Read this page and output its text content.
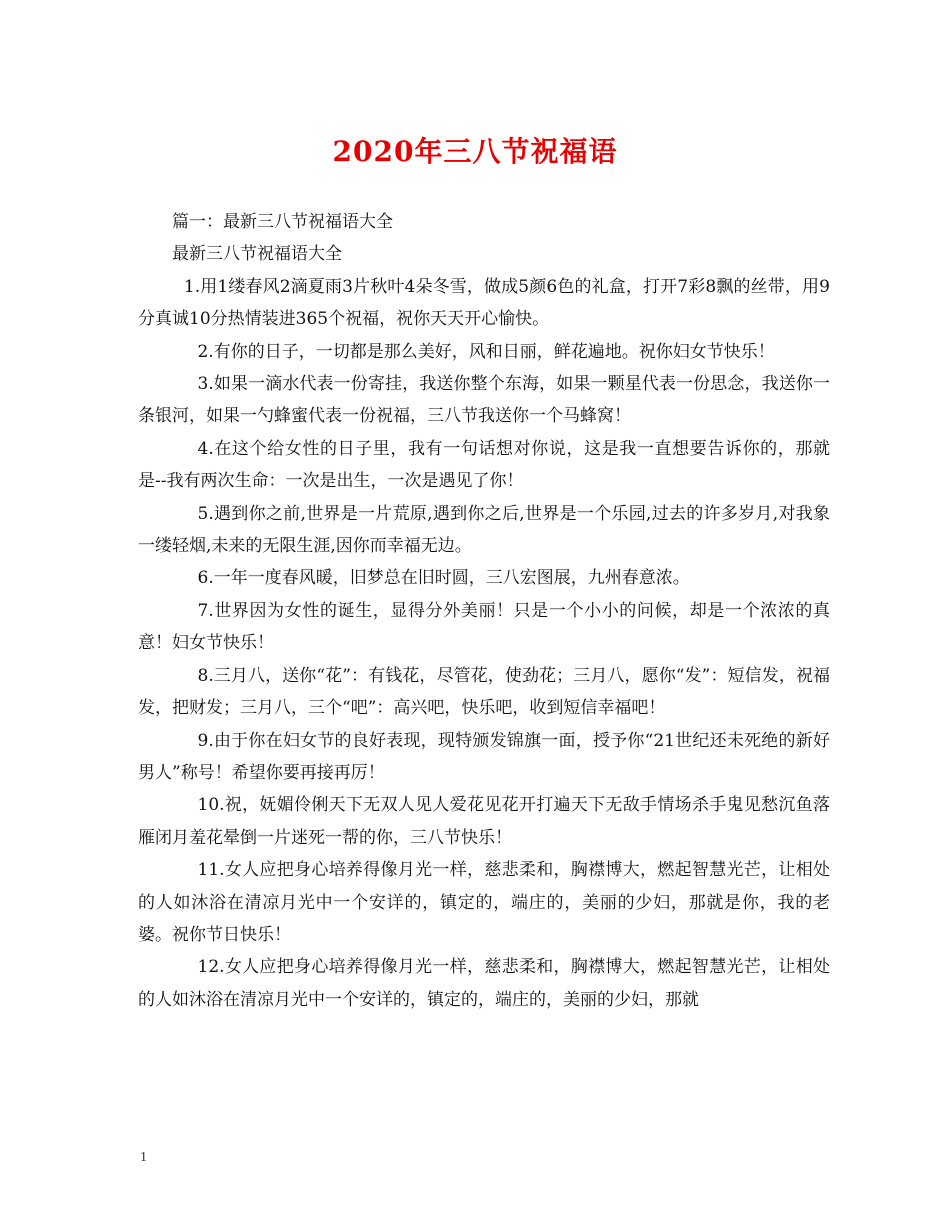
2020年三八节祝福语

篇一：最新三八节祝福语大全

最新三八节祝福语大全

1.用1缕春风2滴夏雨3片秋叶4朵冬雪，做成5颜6色的礼盒，打开7彩8飘的丝带，用9分真诚10分热情装进365个祝福，祝你天天开心愉快。

2.有你的日子，一切都是那么美好，风和日丽，鲜花遍地。祝你妇女节快乐！

3.如果一滴水代表一份寄挂，我送你整个东海，如果一颗星代表一份思念，我送你一条银河，如果一勺蜂蜜代表一份祝福，三八节我送你一个马蜂窝！

4.在这个给女性的日子里，我有一句话想对你说，这是我一直想要告诉你的，那就是--我有两次生命：一次是出生，一次是遇见了你！

5.遇到你之前,世界是一片荒原,遇到你之后,世界是一个乐园,过去的许多岁月,对我象一缕轻烟,未来的无限生涯,因你而幸福无边。

6.一年一度春风暖，旧梦总在旧时圆，三八宏图展，九州春意浓。

7.世界因为女性的诞生，显得分外美丽！只是一个小小的问候，却是一个浓浓的真意！妇女节快乐！

8.三月八，送你“花”：有钱花，尽管花，使劲花；三月八，愿你“发”：短信发，祝福发，把财发；三月八，三个“吧”：高兴吧，快乐吧，收到短信幸福吧！

9.由于你在妇女节的良好表现，现特颁发锦旗一面，授予你“21世纪还未死绝的新好男人”称号！希望你要再接再厉！

10.祝，妩媚伶俐天下无双人见人爱花见花开打遍天下无敌手情场杀手鬼见愁沉鱼落雁闭月羞花晕倒一片迷死一帮的你，三八节快乐！

11.女人应把身心培养得像月光一样，慈悲柔和，胸襟博大，燃起智慧光芒，让相处的人如沐浴在清凉月光中一个安详的，镇定的，端庄的，美丽的少妇，那就是你，我的老婆。祝你节日快乐！

12.女人应把身心培养得像月光一样，慈悲柔和，胸襟博大，燃起智慧光芒，让相处的人如沐浴在清凉月光中一个安详的，镇定的，端庄的，美丽的少妇，那就

1
